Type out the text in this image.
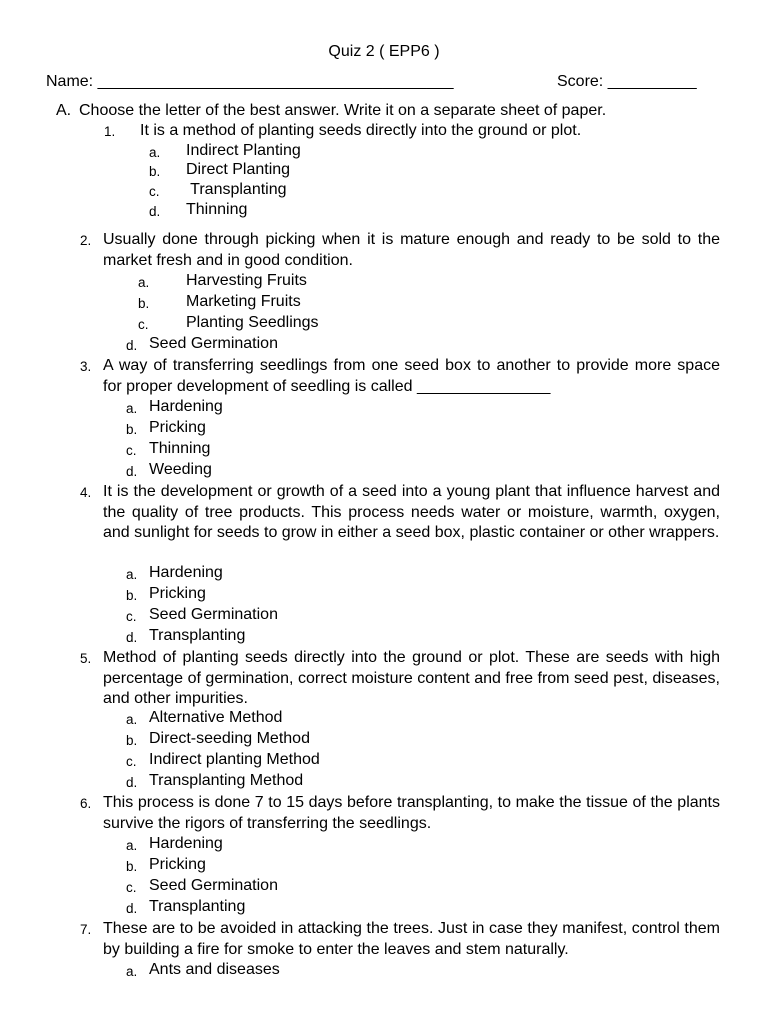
Quiz 2 ( EPP6 )
Name: ________________________________________	Score: __________
A. Choose the letter of the best answer. Write it on a separate sheet of paper.
1. It is a method of planting seeds directly into the ground or plot.
a. Indirect Planting
b. Direct Planting
c. Transplanting
d. Thinning
2. Usually done through picking when it is mature enough and ready to be sold to the market fresh and in good condition.
a. Harvesting Fruits
b. Marketing Fruits
c. Planting Seedlings
d. Seed Germination
3. A way of transferring seedlings from one seed box to another to provide more space for proper development of seedling is called _______________
a. Hardening
b. Pricking
c. Thinning
d. Weeding
4. It is the development or growth of a seed into a young plant that influence harvest and the quality of tree products. This process needs water or moisture, warmth, oxygen, and sunlight for seeds to grow in either a seed box, plastic container or other wrappers.
a. Hardening
b. Pricking
c. Seed Germination
d. Transplanting
5. Method of planting seeds directly into the ground or plot. These are seeds with high percentage of germination, correct moisture content and free from seed pest, diseases, and other impurities.
a. Alternative Method
b. Direct-seeding Method
c. Indirect planting Method
d. Transplanting Method
6. This process is done 7 to 15 days before transplanting, to make the tissue of the plants survive the rigors of transferring the seedlings.
a. Hardening
b. Pricking
c. Seed Germination
d. Transplanting
7. These are to be avoided in attacking the trees. Just in case they manifest, control them by building a fire for smoke to enter the leaves and stem naturally.
a. Ants and diseases
